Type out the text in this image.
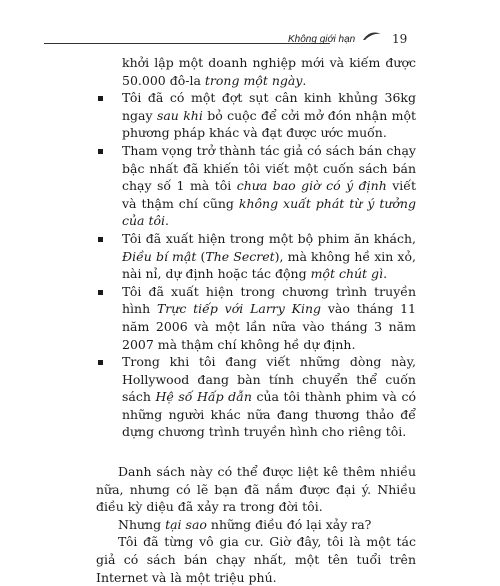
Không giới hạn	19
khởi lập một doanh nghiệp mới và kiếm được 50.000 đô-la trong một ngày.
Tôi đã có một đợt sụt cân kinh khủng 36kg ngay sau khi bỏ cuộc để cởi mở đón nhận một phương pháp khác và đạt được ước muốn.
Tham vọng trở thành tác giả có sách bán chạy bậc nhất đã khiến tôi viết một cuốn sách bán chạy số 1 mà tôi chưa bao giờ có ý định viết và thậm chí cũng không xuất phát từ ý tưởng của tôi.
Tôi đã xuất hiện trong một bộ phim ăn khách, Điều bí mật (The Secret), mà không hề xin xỏ, nài nỉ, dự định hoặc tác động một chút gì.
Tôi đã xuất hiện trong chương trình truyền hình Trực tiếp với Larry King vào tháng 11 năm 2006 và một lần nữa vào tháng 3 năm 2007 mà thậm chí không hề dự định.
Trong khi tôi đang viết những dòng này, Hollywood đang bàn tính chuyển thể cuốn sách Hệ số Hấp dẫn của tôi thành phim và có những người khác nữa đang thương thảo để dựng chương trình truyền hình cho riêng tôi.

Danh sách này có thể được liệt kê thêm nhiều nữa, nhưng có lẽ bạn đã nắm được đại ý. Nhiều điều kỳ diệu đã xảy ra trong đời tôi.

Nhưng tại sao những điều đó lại xảy ra?

Tôi đã từng vô gia cư. Giờ đây, tôi là một tác giả có sách bán chạy nhất, một tên tuổi trên Internet và là một triệu phú.
